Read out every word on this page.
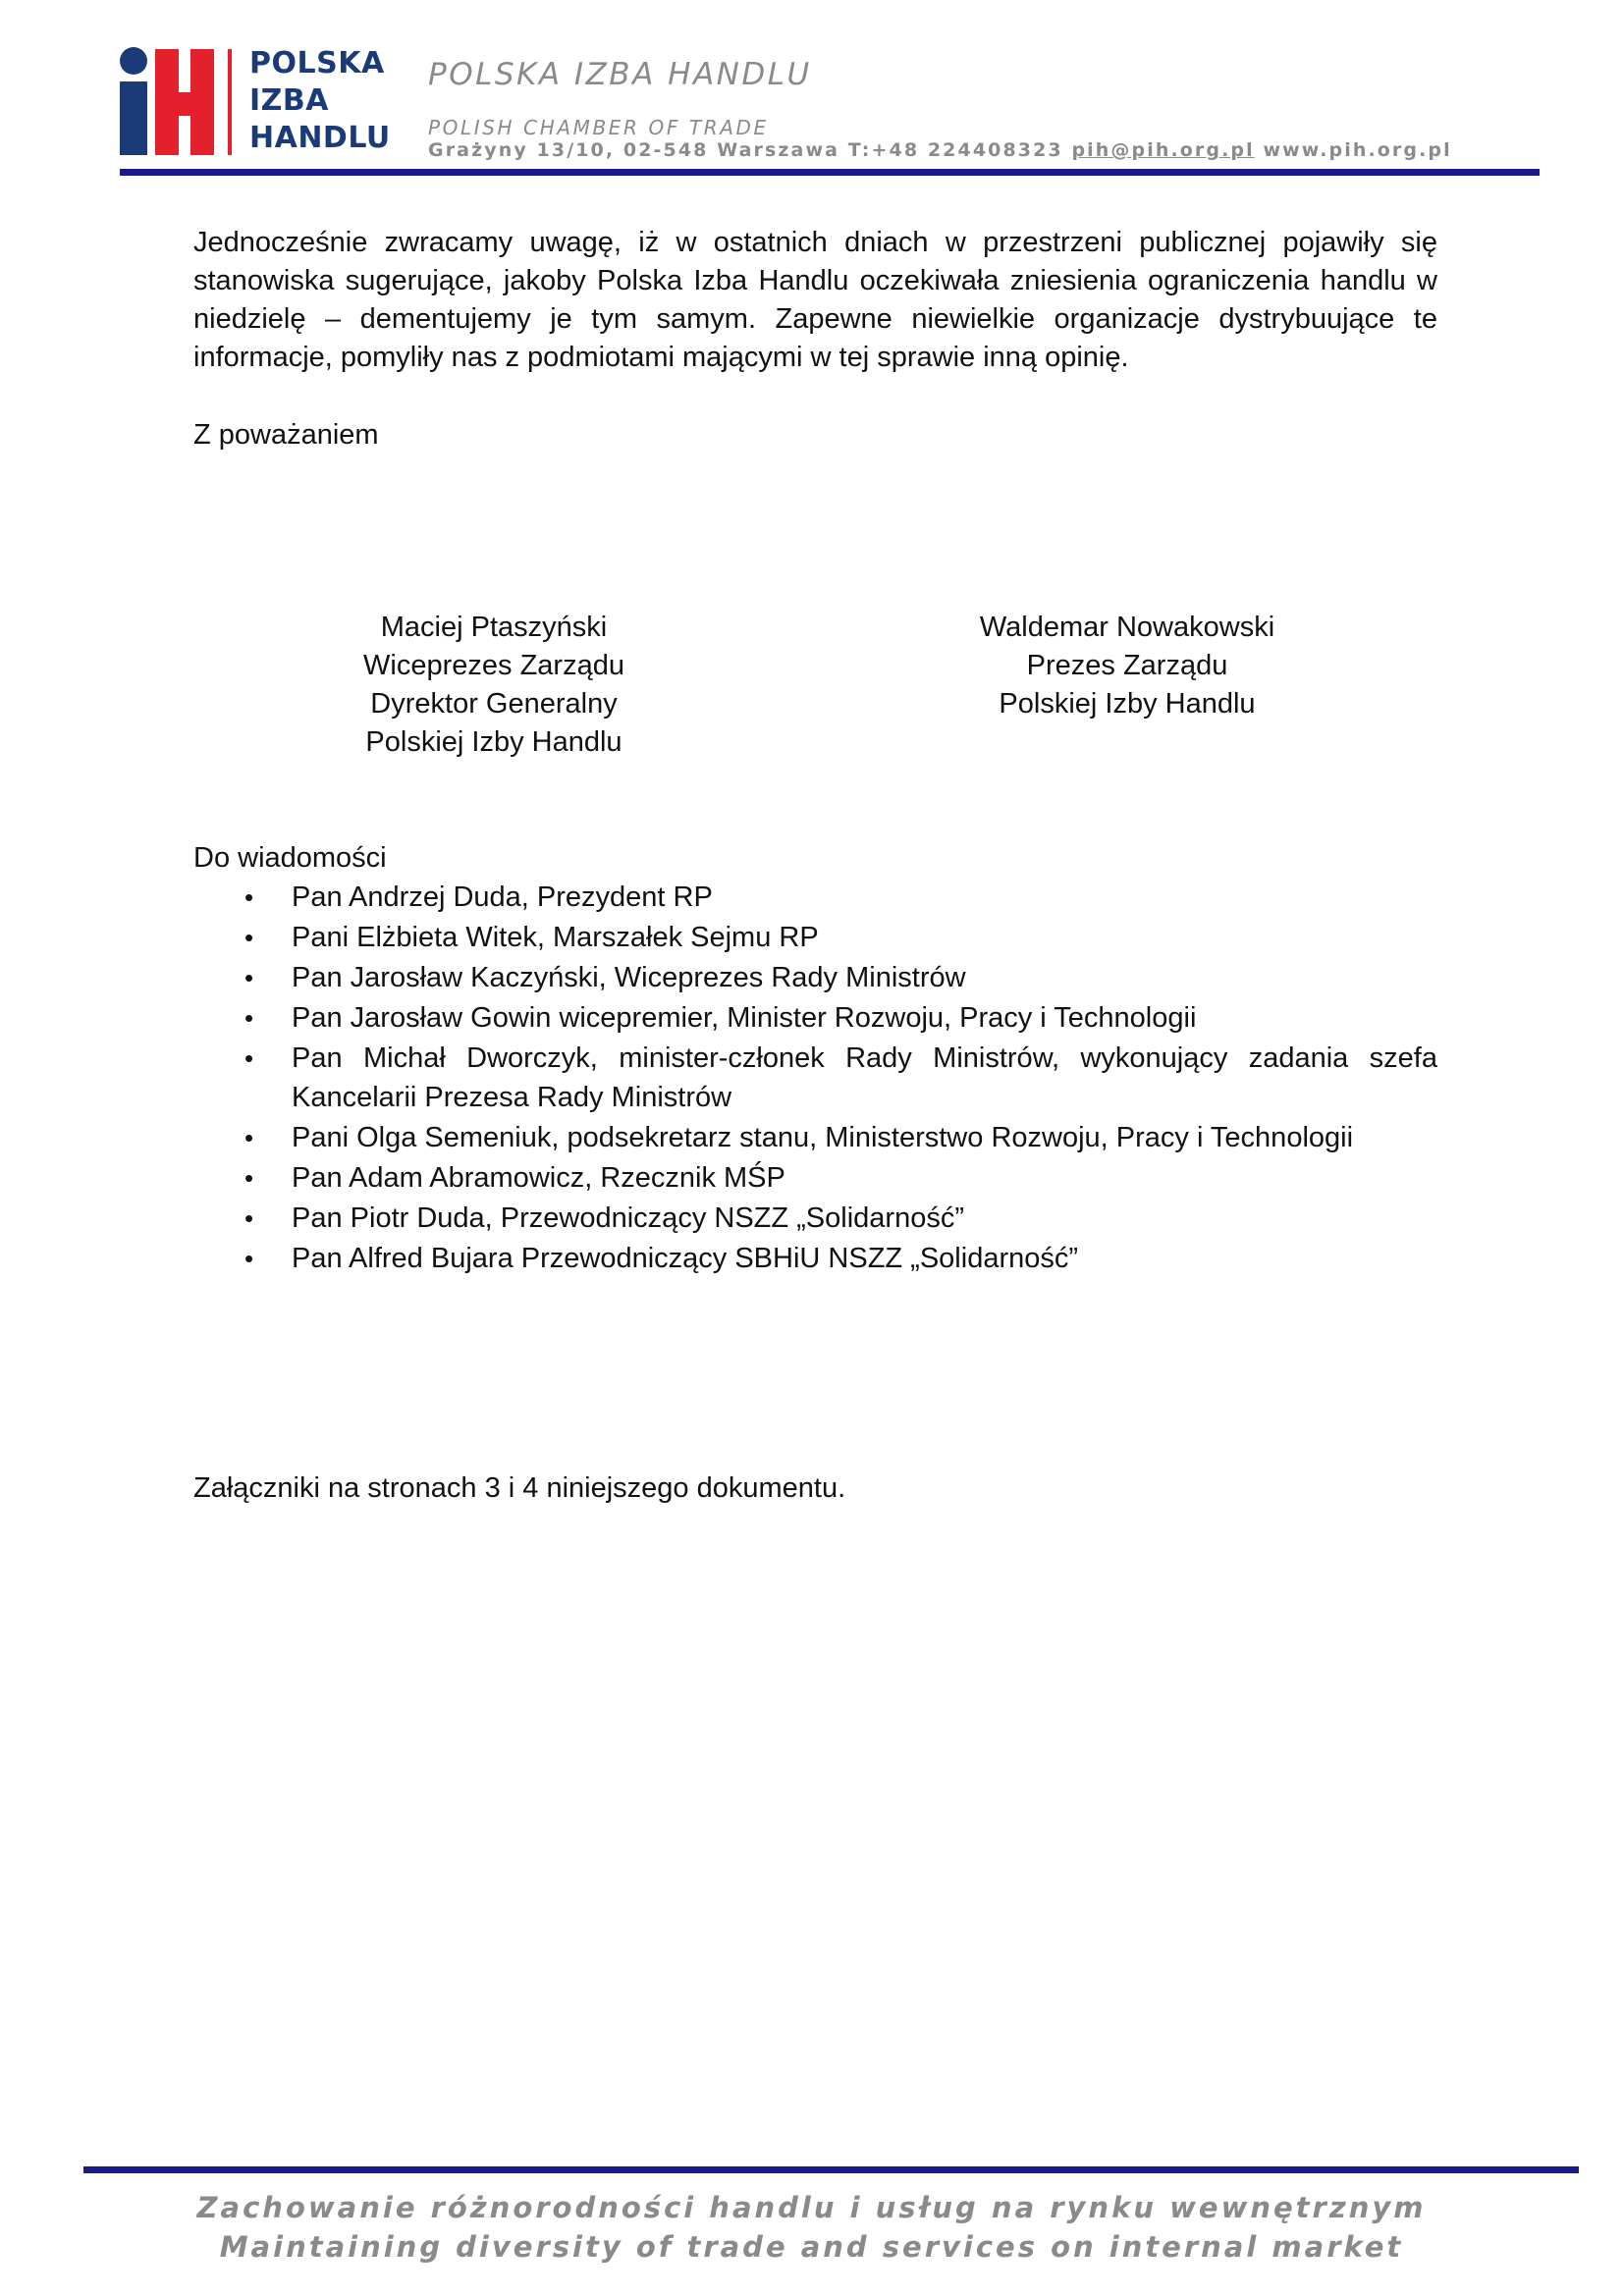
POLSKA
IZBA
HANDLU
POLSKA IZBA HANDLU
POLISH CHAMBER OF TRADE
Grażyny 13/10, 02-548 Warszawa T:+48 224408323 pih@pih.org.pl www.pih.org.pl

Jednocześnie zwracamy uwagę, iż w ostatnich dniach w przestrzeni publicznej pojawiły się stanowiska sugerujące, jakoby Polska Izba Handlu oczekiwała zniesienia ograniczenia handlu w niedzielę – dementujemy je tym samym. Zapewne niewielkie organizacje dystrybuujące te informacje, pomyliły nas z podmiotami mającymi w tej sprawie inną opinię.

Z poważaniem
Maciej Ptaszyński
Wiceprezes Zarządu
Dyrektor Generalny
Polskiej Izby Handlu
Waldemar Nowakowski
Prezes Zarządu
Polskiej Izby Handlu
Do wiadomości
• Pan Andrzej Duda, Prezydent RP
• Pani Elżbieta Witek, Marszałek Sejmu RP
• Pan Jarosław Kaczyński, Wiceprezes Rady Ministrów
• Pan Jarosław Gowin wicepremier, Minister Rozwoju, Pracy i Technologii
• Pan Michał Dworczyk, minister-członek Rady Ministrów, wykonujący zadania szefa Kancelarii Prezesa Rady Ministrów
• Pani Olga Semeniuk, podsekretarz stanu, Ministerstwo Rozwoju, Pracy i Technologii
• Pan Adam Abramowicz, Rzecznik MŚP
• Pan Piotr Duda, Przewodniczący NSZZ „Solidarność”
• Pan Alfred Bujara Przewodniczący SBHiU NSZZ „Solidarność”
Załączniki na stronach 3 i 4 niniejszego dokumentu.
Zachowanie różnorodności handlu i usług na rynku wewnętrznym
Maintaining diversity of trade and services on internal market
